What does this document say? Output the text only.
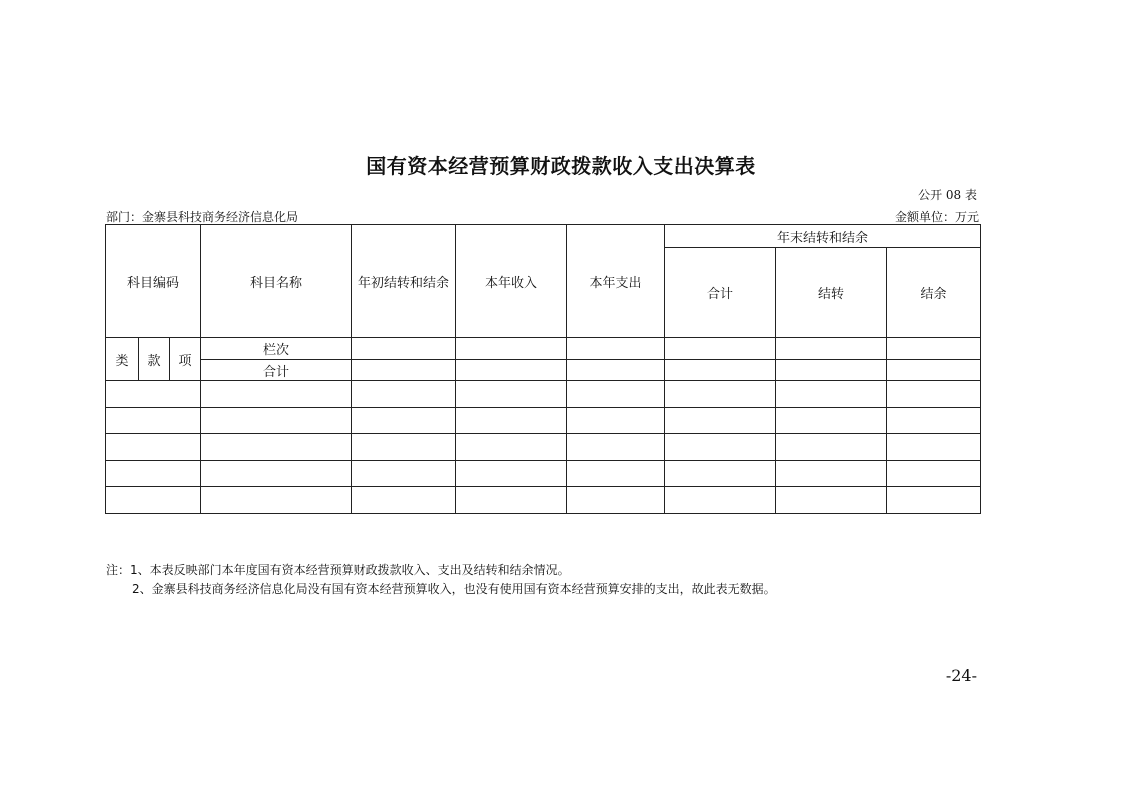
国有资本经营预算财政拨款收入支出决算表
公开 08 表
部门：金寨县科技商务经济信息化局	金额单位：万元
科目编码			科目名称	年初结转和结余	本年收入	本年支出	年末结转和结余		
							合计	结转	结余
类	款	项	栏次						
			合计						

注：1、本表反映部门本年度国有资本经营预算财政拨款收入、支出及结转和结余情况。
2、金寨县科技商务经济信息化局没有国有资本经营预算收入，也没有使用国有资本经营预算安排的支出，故此表无数据。
-24-
